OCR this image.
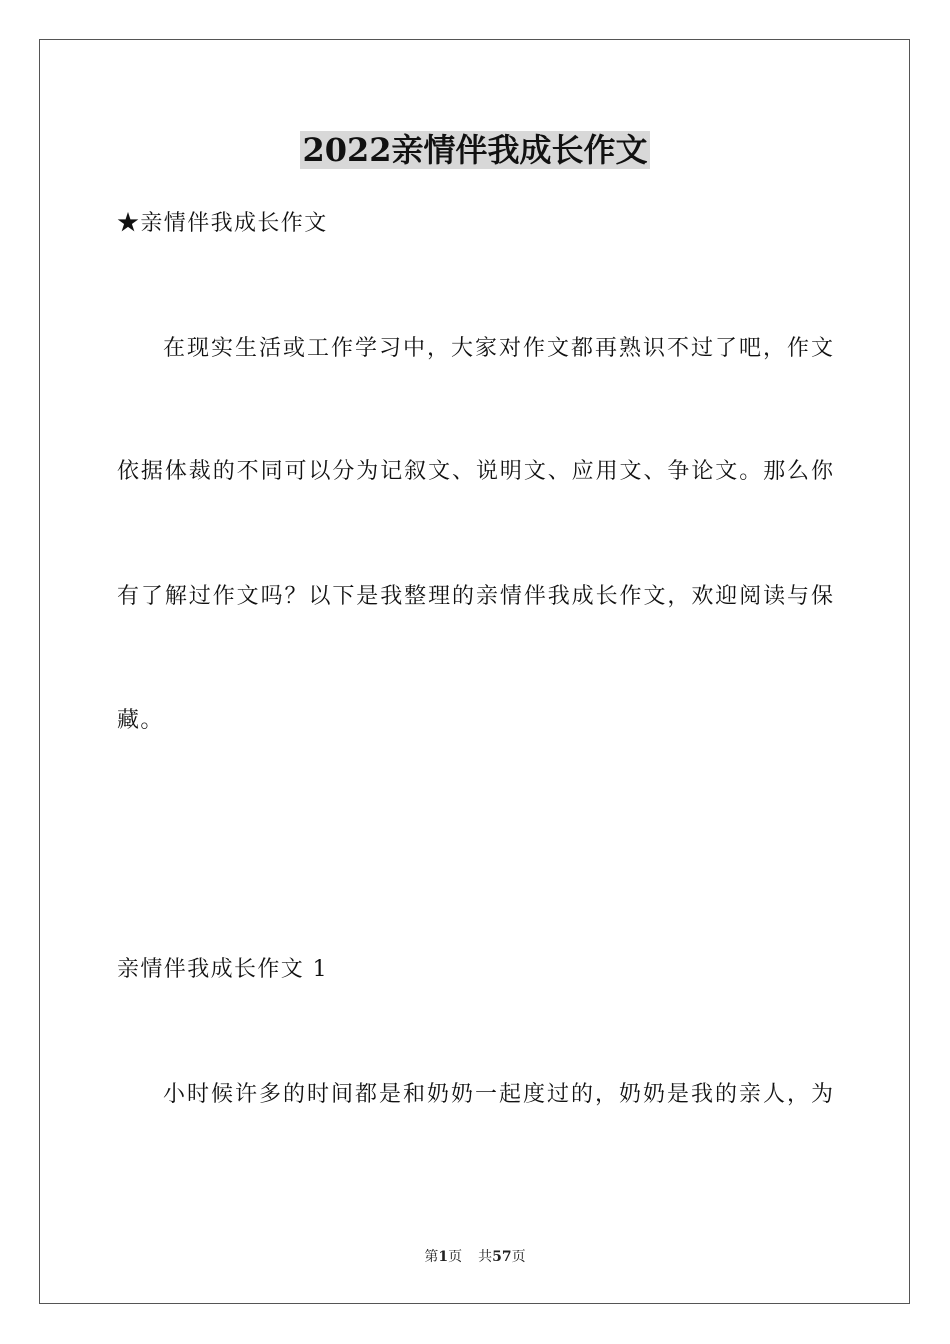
2022亲情伴我成长作文
★亲情伴我成长作文
在现实生活或工作学习中，大家对作文都再熟识不过了吧，作文
依据体裁的不同可以分为记叙文、说明文、应用文、争论文。那么你
有了解过作文吗？以下是我整理的亲情伴我成长作文，欢迎阅读与保
藏。
亲情伴我成长作文 1
小时候许多的时间都是和奶奶一起度过的，奶奶是我的亲人，为
第1页 共57页
